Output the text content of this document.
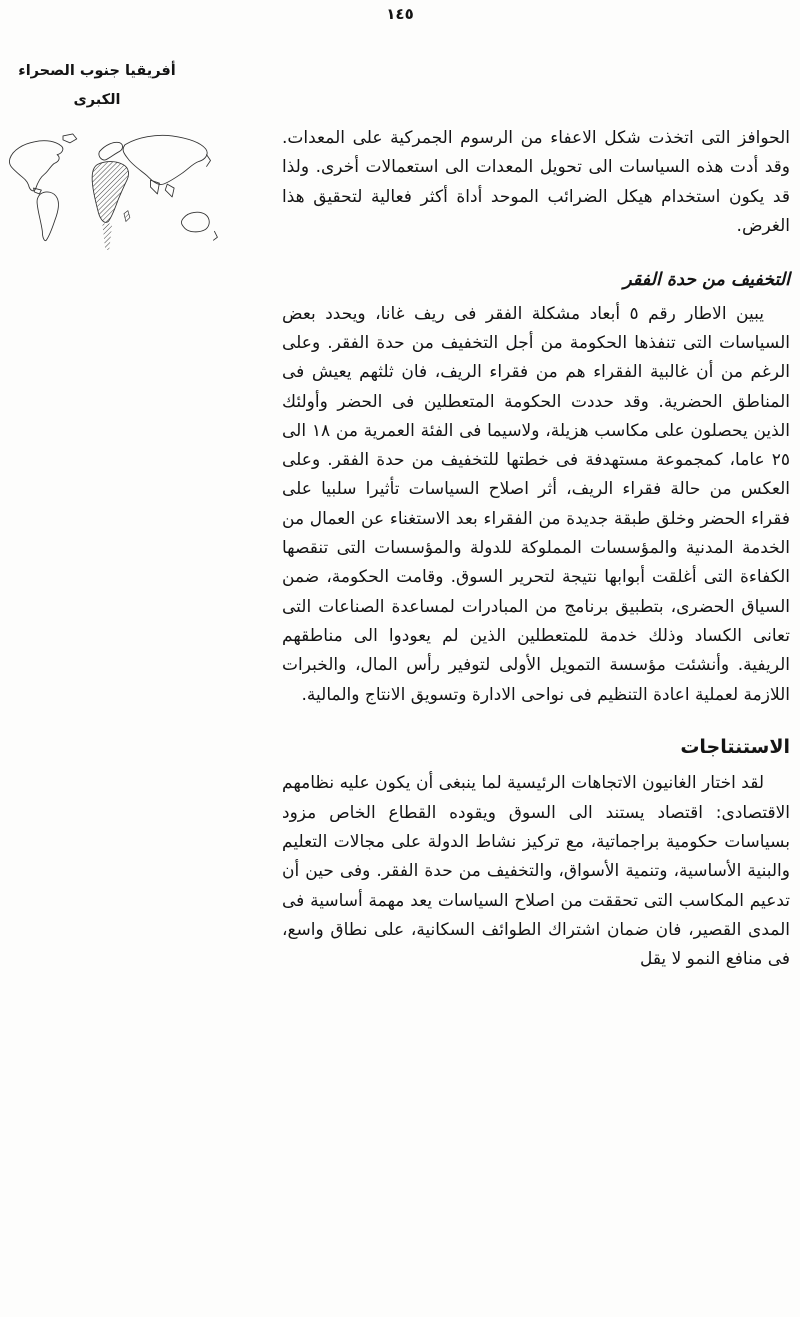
١٤٥
أفريقيا جنوب الصحراء
الكبرى

الحوافز التى اتخذت شكل الاعفاء من الرسوم الجمركية على المعدات. وقد أدت هذه السياسات الى تحويل المعدات الى استعمالات أخرى. ولذا قد يكون استخدام هيكل الضرائب الموحد أداة أكثر فعالية لتحقيق هذا الغرض.

التخفيف من حدة الفقر

يبين الاطار رقم ٥ أبعاد مشكلة الفقر فى ريف غانا، ويحدد بعض السياسات التى تنفذها الحكومة من أجل التخفيف من حدة الفقر. وعلى الرغم من أن غالبية الفقراء هم من فقراء الريف، فان ثلثهم يعيش فى المناطق الحضرية. وقد حددت الحكومة المتعطلين فى الحضر وأولئك الذين يحصلون على مكاسب هزيلة، ولاسيما فى الفئة العمرية من ١٨ الى ٢٥ عاما، كمجموعة مستهدفة فى خطتها للتخفيف من حدة الفقر. وعلى العكس من حالة فقراء الريف، أثر اصلاح السياسات تأثيرا سلبيا على فقراء الحضر وخلق طبقة جديدة من الفقراء بعد الاستغناء عن العمال من الخدمة المدنية والمؤسسات المملوكة للدولة والمؤسسات التى تنقصها الكفاءة التى أغلقت أبوابها نتيجة لتحرير السوق. وقامت الحكومة، ضمن السياق الحضرى، بتطبيق برنامج من المبادرات لمساعدة الصناعات التى تعانى الكساد وذلك خدمة للمتعطلين الذين لم يعودوا الى مناطقهم الريفية. وأنشئت مؤسسة التمويل الأولى لتوفير رأس المال، والخبرات اللازمة لعملية اعادة التنظيم فى نواحى الادارة وتسويق الانتاج والمالية.

الاستنتاجات

لقد اختار الغانيون الاتجاهات الرئيسية لما ينبغى أن يكون عليه نظامهم الاقتصادى: اقتصاد يستند الى السوق ويقوده القطاع الخاص مزود بسياسات حكومية براجماتية، مع تركيز نشاط الدولة على مجالات التعليم والبنية الأساسية، وتنمية الأسواق، والتخفيف من حدة الفقر. وفى حين أن تدعيم المكاسب التى تحققت من اصلاح السياسات يعد مهمة أساسية فى المدى القصير، فان ضمان اشتراك الطوائف السكانية، على نطاق واسع، فى منافع النمو لا يقل
